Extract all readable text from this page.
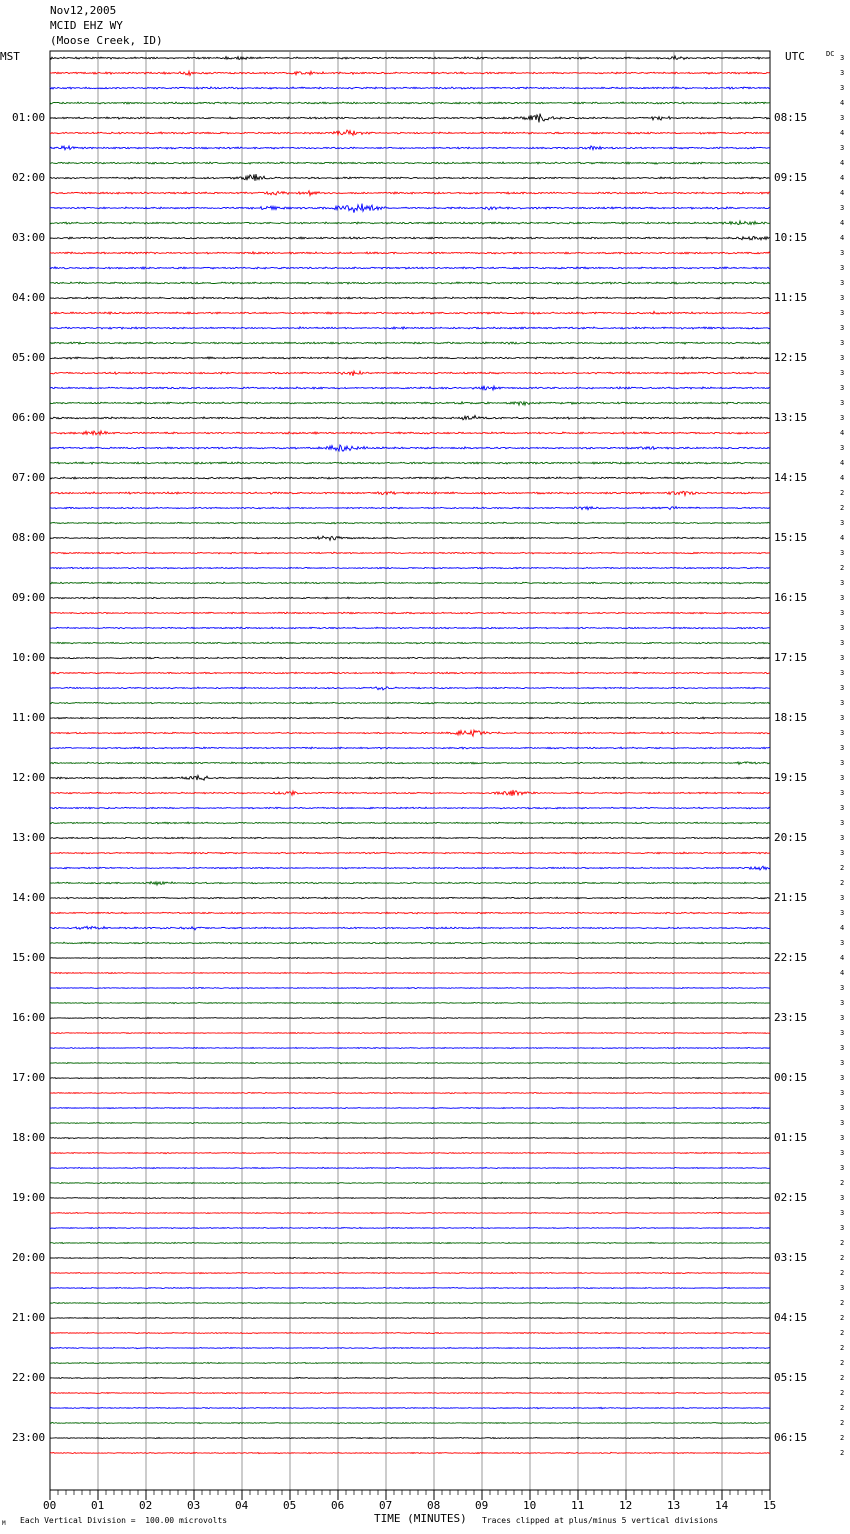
Nov12,2005
MCID EHZ WY
(Moose Creek, ID)
MST	UTC	DC 3
3
3
4
3
4
3
4
4
4
3
4
4
3
3
3
3
3
3
3
3
3
3
3
3
4
3
4
4
2
2
3
4
3
2
3
3
3
3
3
3
3
3
3
3
3
3
3
3
3
3
3
3
3
2
2
3
3
4
3
4
4
3
3
3
3
3
3
3
3
3
3
3
3
3
2
3
3
3
2
2
2
3
2
2
2
2
2
2
2
2
2
2
2
01:00
02:00
03:00
04:00
05:00
06:00
07:00
08:00
09:00
10:00
11:00
12:00
13:00
14:00
15:00
16:00
17:00
18:00
19:00
20:00
21:00
22:00
23:00
08:15
09:15
10:15
11:15
12:15
13:15
14:15
15:15
16:15
17:15
18:15
19:15
20:15
21:15
22:15
23:15
00:15
01:15
02:15
03:15
04:15
05:15
06:15
00	01	02	03	04	05	06	07	08	09	10	11	12	13	14	15
Each Vertical Division =  100.00 microvolts	TIME (MINUTES) Traces clipped at plus/minus 5 vertical divisions
M
